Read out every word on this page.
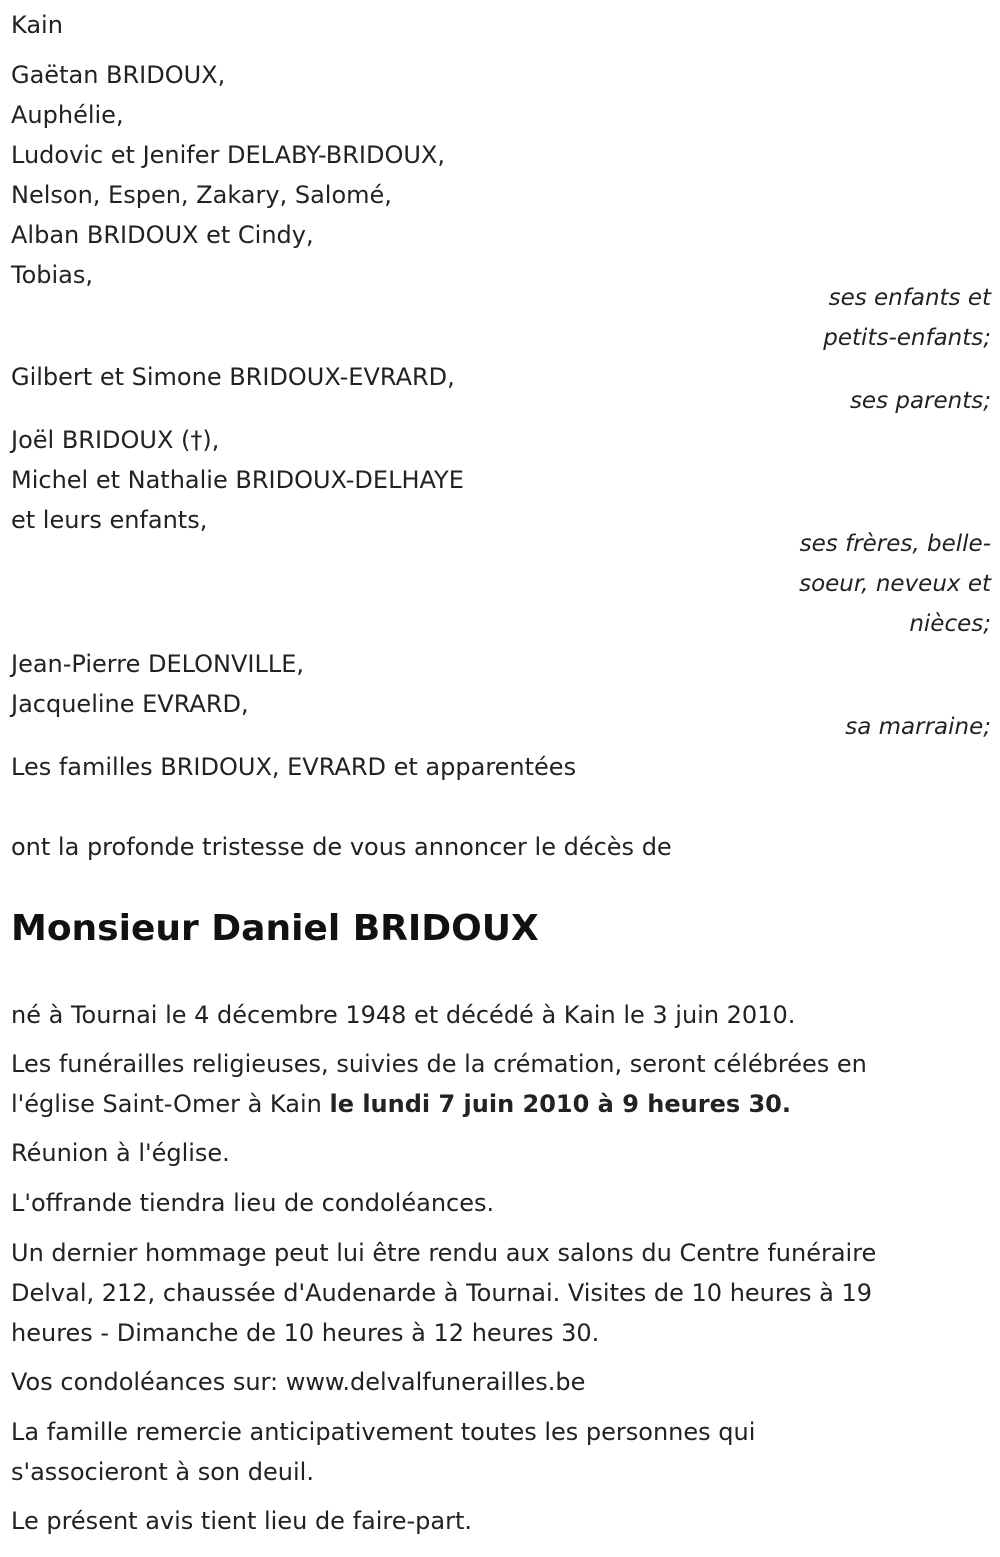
Kain
Gaëtan BRIDOUX,
Auphélie,
Ludovic et Jenifer DELABY-BRIDOUX,
Nelson, Espen, Zakary, Salomé,
Alban BRIDOUX et Cindy,
Tobias,
ses enfants et
petits-enfants;
Gilbert et Simone BRIDOUX-EVRARD,
ses parents;
Joël BRIDOUX (†),
Michel et Nathalie BRIDOUX-DELHAYE
et leurs enfants,
ses frères, belle-
soeur, neveux et
nièces;
Jean-Pierre DELONVILLE,
Jacqueline EVRARD,
sa marraine;
Les familles BRIDOUX, EVRARD et apparentées
ont la profonde tristesse de vous annoncer le décès de
Monsieur Daniel BRIDOUX
né à Tournai le 4 décembre 1948 et décédé à Kain le 3 juin 2010.
Les funérailles religieuses, suivies de la crémation, seront célébrées en
l'église Saint-Omer à Kain le lundi 7 juin 2010 à 9 heures 30.
Réunion à l'église.
L'offrande tiendra lieu de condoléances.
Un dernier hommage peut lui être rendu aux salons du Centre funéraire
Delval, 212, chaussée d'Audenarde à Tournai. Visites de 10 heures à 19
heures - Dimanche de 10 heures à 12 heures 30.
Vos condoléances sur: www.delvalfunerailles.be
La famille remercie anticipativement toutes les personnes qui
s'associeront à son deuil.
Le présent avis tient lieu de faire-part.
